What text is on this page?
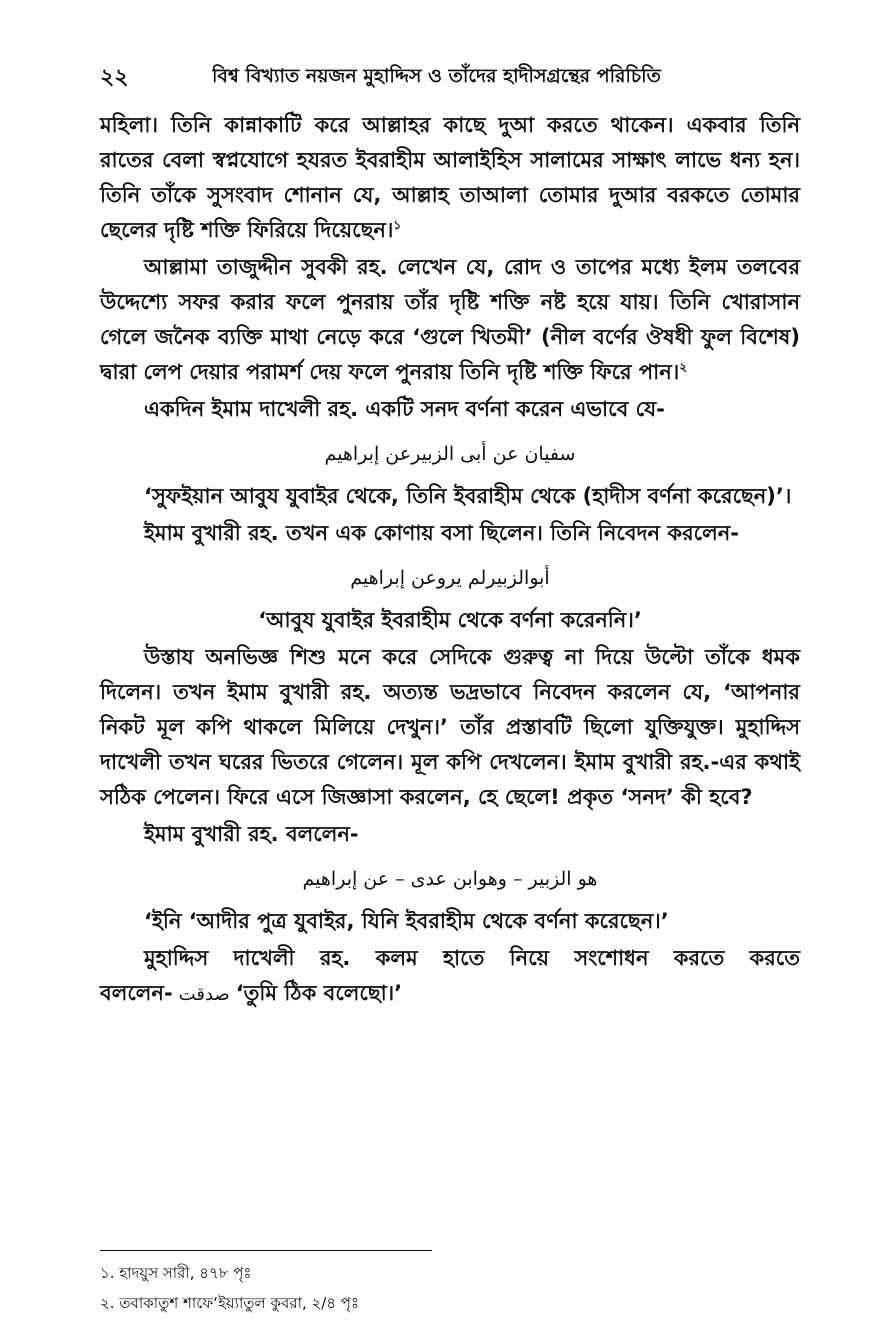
২২	বিশ্ব বিখ্যাত নয়জন মুহাদ্দিস ও তাঁদের হাদীসগ্রন্থের পরিচিতি

মহিলা। তিনি কান্নাকাটি করে আল্লাহর কাছে দুআ করতে থাকেন। একবার তিনি রাতের বেলা স্বপ্নযোগে হযরত ইবরাহীম আলাইহিস সালামের সাক্ষাৎ লাভে ধন্য হন। তিনি তাঁকে সুসংবাদ শোনান যে, আল্লাহ তাআলা তোমার দুআর বরকতে তোমার ছেলের দৃষ্টি শক্তি ফিরিয়ে দিয়েছেন।$^১$

আল্লামা তাজুদ্দীন সুবকী রহ. লেখেন যে, রোদ ও তাপের মধ্যে ইলম তলবের উদ্দেশ্যে সফর করার ফলে পুনরায় তাঁর দৃষ্টি শক্তি নষ্ট হয়ে যায়। তিনি খোরাসান গেলে জনৈক ব্যক্তি মাথা নেড়ে করে ‘গুলে খিতমী’ (নীল বর্ণের ঔষধী ফুল বিশেষ) দ্বারা লেপ দেয়ার পরামর্শ দেয় ফলে পুনরায় তিনি দৃষ্টি শক্তি ফিরে পান।$^২$

একদিন ইমাম দাখেলী রহ. একটি সনদ বর্ণনা করেন এভাবে যে-

سفيان عن أبى الزبيرعن إبراهيم

‘সুফইয়ান আবুয যুবাইর থেকে, তিনি ইবরাহীম থেকে (হাদীস বর্ণনা করেছেন)’।

ইমাম বুখারী রহ. তখন এক কোণায় বসা ছিলেন। তিনি নিবেদন করলেন-

أبوالزبيرلم يروعن إبراهيم

‘আবুয যুবাইর ইবরাহীম থেকে বর্ণনা করেননি।’

উস্তায অনভিজ্ঞ শিশু মনে করে সেদিকে গুরুত্ব না দিয়ে উল্টো তাঁকে ধমক দিলেন। তখন ইমাম বুখারী রহ. অত্যন্ত ভদ্রভাবে নিবেদন করলেন যে, ‘আপনার নিকট মূল কপি থাকলে মিলিয়ে দেখুন।’ তাঁর প্রস্তাবটি ছিলো যুক্তিযুক্ত। মুহাদ্দিস দাখেলী তখন ঘরের ভিতরে গেলেন। মূল কপি দেখলেন। ইমাম বুখারী রহ.-এর কথাই সঠিক পেলেন। ফিরে এসে জিজ্ঞাসা করলেন, হে ছেলে! প্রকৃত ‘সনদ’ কী হবে?

ইমাম বুখারী রহ. বললেন-

هو الزبير – وهوابن عدى – عن إبراهيم

‘ইনি ‘আদীর পুত্র যুবাইর, যিনি ইবরাহীম থেকে বর্ণনা করেছেন।’

মুহাদ্দিস দাখেলী রহ. কলম হাতে নিয়ে সংশোধন করতে করতে বললেন- صدقت ‘তুমি ঠিক বলেছো।’

১. হাদয়ুস সারী, ৪৭৮ পৃঃ

২. তবাকাতুশ শাফে‘ইয়্যাতুল কুবরা, ২/৪ পৃঃ
